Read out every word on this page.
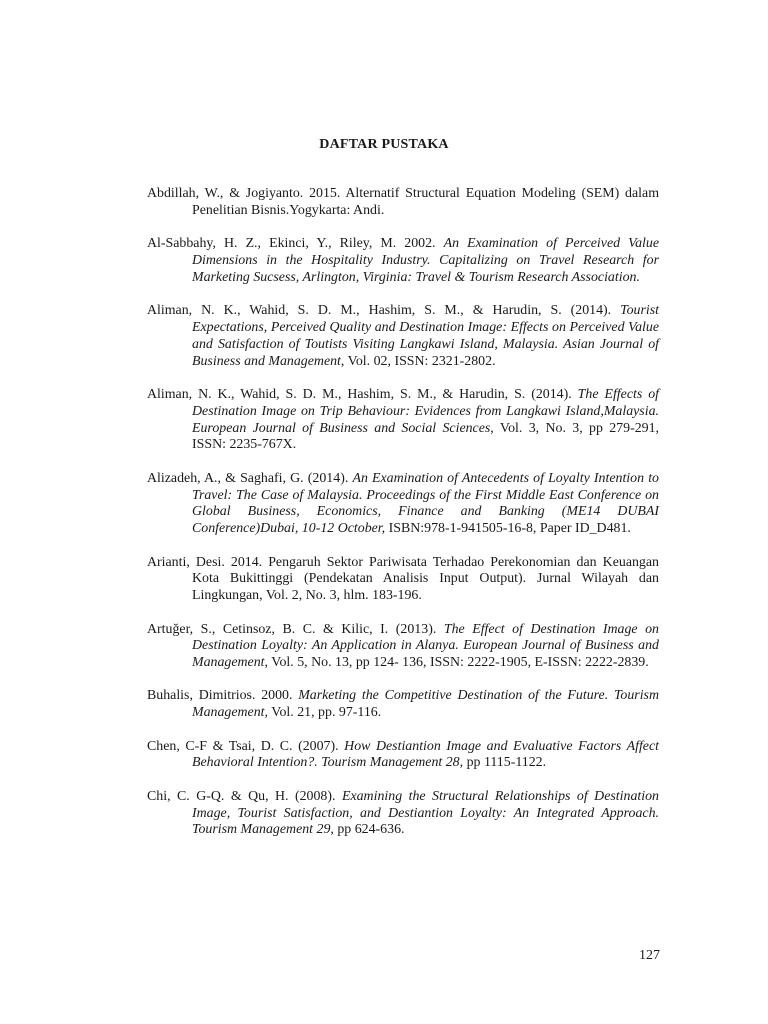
DAFTAR PUSTAKA

Abdillah, W., & Jogiyanto. 2015. Alternatif Structural Equation Modeling (SEM) dalam Penelitian Bisnis.Yogykarta: Andi.

Al-Sabbahy, H. Z., Ekinci, Y., Riley, M. 2002. An Examination of Perceived Value Dimensions in the Hospitality Industry. Capitalizing on Travel Research for Marketing Sucsess, Arlington, Virginia: Travel & Tourism Research Association.

Aliman, N. K., Wahid, S. D. M., Hashim, S. M., & Harudin, S. (2014). Tourist Expectations, Perceived Quality and Destination Image: Effects on Perceived Value and Satisfaction of Toutists Visiting Langkawi Island, Malaysia. Asian Journal of Business and Management, Vol. 02, ISSN: 2321-2802.

Aliman, N. K., Wahid, S. D. M., Hashim, S. M., & Harudin, S. (2014). The Effects of Destination Image on Trip Behaviour: Evidences from Langkawi Island,Malaysia. European Journal of Business and Social Sciences, Vol. 3, No. 3, pp 279-291, ISSN: 2235-767X.

Alizadeh, A., & Saghafi, G. (2014). An Examination of Antecedents of Loyalty Intention to Travel: The Case of Malaysia. Proceedings of the First Middle East Conference on Global Business, Economics, Finance and Banking (ME14 DUBAI Conference)Dubai, 10-12 October, ISBN:978-1-941505-16-8, Paper ID_D481.

Arianti, Desi. 2014. Pengaruh Sektor Pariwisata Terhadao Perekonomian dan Keuangan Kota Bukittinggi (Pendekatan Analisis Input Output). Jurnal Wilayah dan Lingkungan, Vol. 2, No. 3, hlm. 183-196.

Artuğer, S., Cetinsoz, B. C. & Kilic, I. (2013). The Effect of Destination Image on Destination Loyalty: An Application in Alanya. European Journal of Business and Management, Vol. 5, No. 13, pp 124- 136, ISSN: 2222-1905, E-ISSN: 2222-2839.

Buhalis, Dimitrios. 2000. Marketing the Competitive Destination of the Future. Tourism Management, Vol. 21, pp. 97-116.

Chen, C-F & Tsai, D. C. (2007). How Destiantion Image and Evaluative Factors Affect Behavioral Intention?. Tourism Management 28, pp 1115-1122.

Chi, C. G-Q. & Qu, H. (2008). Examining the Structural Relationships of Destination Image, Tourist Satisfaction, and Destiantion Loyalty: An Integrated Approach. Tourism Management 29, pp 624-636.

127
